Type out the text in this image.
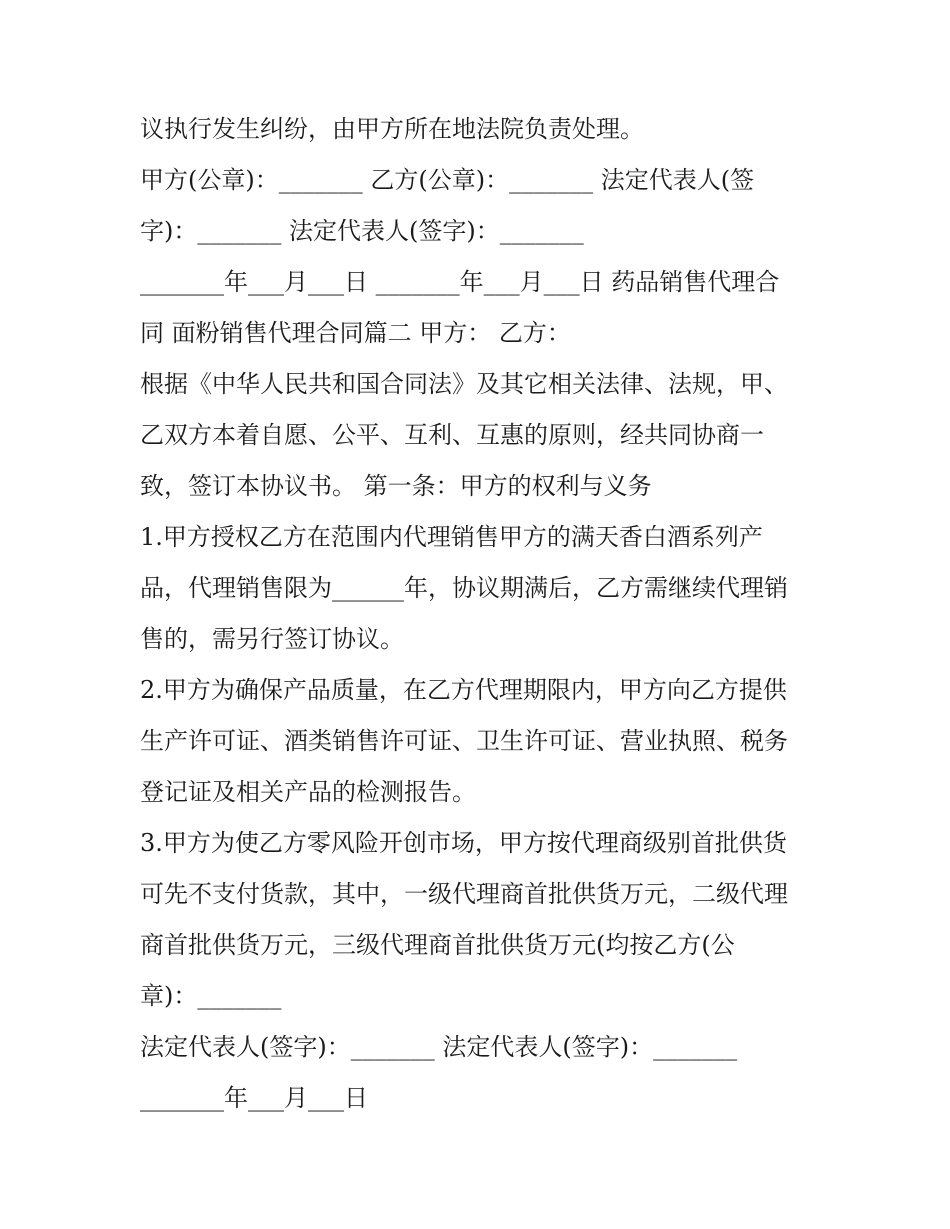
议执行发生纠纷，由甲方所在地法院负责处理。
甲方(公章)：_______ 乙方(公章)：_______ 法定代表人(签
字)：_______ 法定代表人(签字)：_______
_______年___月___日 _______年___月___日 药品销售代理合
同 面粉销售代理合同篇二 甲方： 乙方：
根据《中华人民共和国合同法》及其它相关法律、法规，甲、
乙双方本着自愿、公平、互利、互惠的原则，经共同协商一
致，签订本协议书。 第一条：甲方的权利与义务
1.甲方授权乙方在范围内代理销售甲方的满天香白酒系列产
品，代理销售限为______年，协议期满后，乙方需继续代理销
售的，需另行签订协议。
2.甲方为确保产品质量，在乙方代理期限内，甲方向乙方提供
生产许可证、酒类销售许可证、卫生许可证、营业执照、税务
登记证及相关产品的检测报告。
3.甲方为使乙方零风险开创市场，甲方按代理商级别首批供货
可先不支付货款，其中，一级代理商首批供货万元，二级代理
商首批供货万元，三级代理商首批供货万元(均按乙方(公
章)：_______
法定代表人(签字)：_______ 法定代表人(签字)：_______
_______年___月___日
